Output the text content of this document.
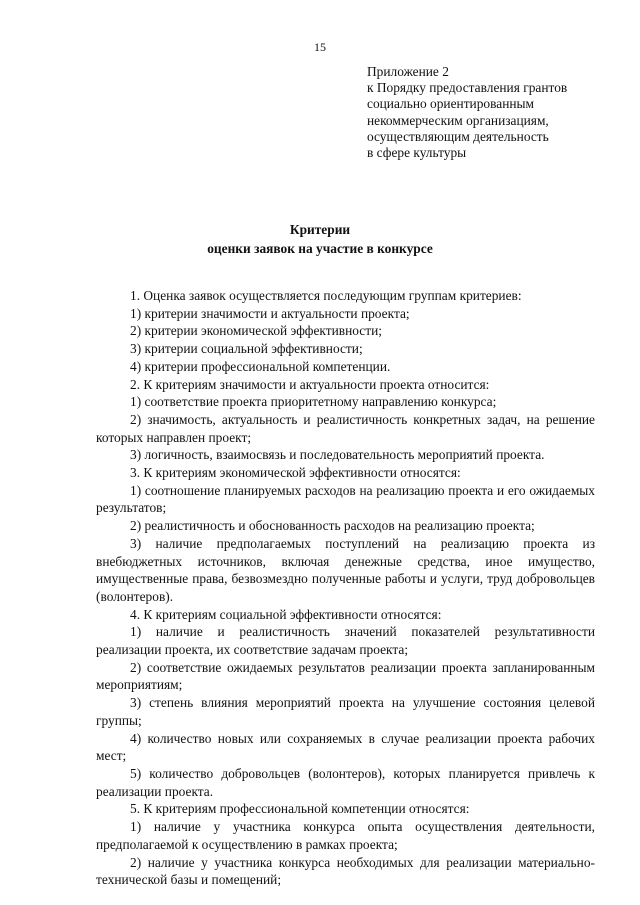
15
Приложение 2
к Порядку предоставления грантов
социально ориентированным
некоммерческим организациям,
осуществляющим деятельность
в сфере культуры
Критерии
оценки заявок на участие в конкурсе

1. Оценка заявок осуществляется последующим группам критериев:

1) критерии значимости и актуальности проекта;

2) критерии экономической эффективности;

3) критерии социальной эффективности;

4) критерии профессиональной компетенции.

2. К критериям значимости и актуальности проекта относится:

1) соответствие проекта приоритетному направлению конкурса;

2) значимость, актуальность и реалистичность конкретных задач, на решение которых направлен проект;

3) логичность, взаимосвязь и последовательность мероприятий проекта.

3. К критериям экономической эффективности относятся:

1) соотношение планируемых расходов на реализацию проекта и его ожидаемых результатов;

2) реалистичность и обоснованность расходов на реализацию проекта;

3) наличие предполагаемых поступлений на реализацию проекта из внебюджетных источников, включая денежные средства, иное имущество, имущественные права, безвозмездно полученные работы и услуги, труд добровольцев (волонтеров).

4. К критериям социальной эффективности относятся:

1) наличие и реалистичность значений показателей результативности реализации проекта, их соответствие задачам проекта;

2) соответствие ожидаемых результатов реализации проекта запланированным мероприятиям;

3) степень влияния мероприятий проекта на улучшение состояния целевой группы;

4) количество новых или сохраняемых в случае реализации проекта рабочих мест;

5) количество добровольцев (волонтеров), которых планируется привлечь к реализации проекта.

5. К критериям профессиональной компетенции относятся:

1) наличие у участника конкурса опыта осуществления деятельности, предполагаемой к осуществлению в рамках проекта;

2) наличие у участника конкурса необходимых для реализации материально-технической базы и помещений;
